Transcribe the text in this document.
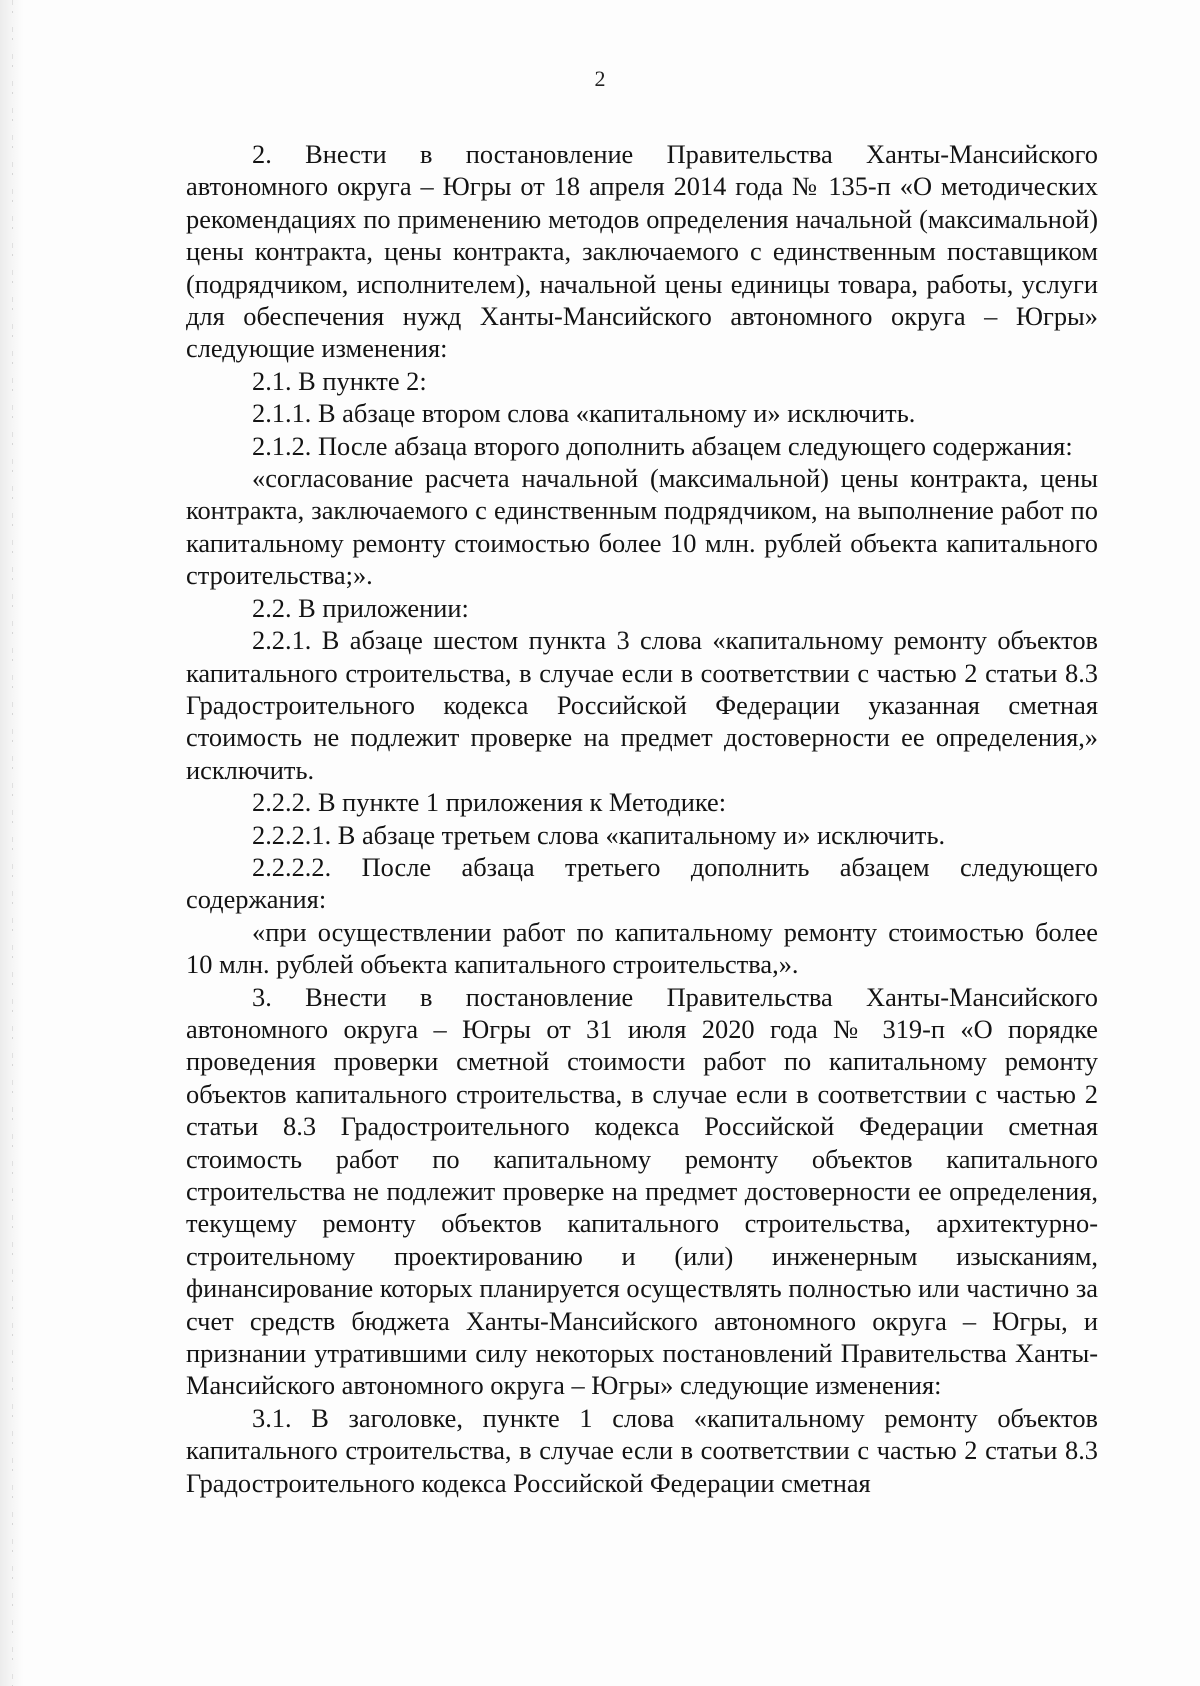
2

2. Внести в постановление Правительства Ханты-Мансийского автономного округа – Югры от 18 апреля 2014 года № 135-п «О методических рекомендациях по применению методов определения начальной (максимальной) цены контракта, цены контракта, заключаемого с единственным поставщиком (подрядчиком, исполнителем), начальной цены единицы товара, работы, услуги для обеспечения нужд Ханты-Мансийского автономного округа – Югры» следующие изменения:

2.1. В пункте 2:

2.1.1. В абзаце втором слова «капитальному и» исключить.

2.1.2. После абзаца второго дополнить абзацем следующего содержания:

«согласование расчета начальной (максимальной) цены контракта, цены контракта, заключаемого с единственным подрядчиком, на выполнение работ по капитальному ремонту стоимостью более 10 млн. рублей объекта капитального строительства;».

2.2. В приложении:

2.2.1. В абзаце шестом пункта 3 слова «капитальному ремонту объектов капитального строительства, в случае если в соответствии с частью 2 статьи 8.3 Градостроительного кодекса Российской Федерации указанная сметная стоимость не подлежит проверке на предмет достоверности ее определения,» исключить.

2.2.2. В пункте 1 приложения к Методике:

2.2.2.1. В абзаце третьем слова «капитальному и» исключить.

2.2.2.2. После абзаца третьего дополнить абзацем следующего содержания:

«при осуществлении работ по капитальному ремонту стоимостью более 10 млн. рублей объекта капитального строительства,».

3. Внести в постановление Правительства Ханты-Мансийского автономного округа – Югры от 31 июля 2020 года № 319-п «О порядке проведения проверки сметной стоимости работ по капитальному ремонту объектов капитального строительства, в случае если в соответствии с частью 2 статьи 8.3 Градостроительного кодекса Российской Федерации сметная стоимость работ по капитальному ремонту объектов капитального строительства не подлежит проверке на предмет достоверности ее определения, текущему ремонту объектов капитального строительства, архитектурно-строительному проектированию и (или) инженерным изысканиям, финансирование которых планируется осуществлять полностью или частично за счет средств бюджета Ханты-Мансийского автономного округа – Югры, и признании утратившими силу некоторых постановлений Правительства Ханты-Мансийского автономного округа – Югры» следующие изменения:

3.1. В заголовке, пункте 1 слова «капитальному ремонту объектов капитального строительства, в случае если в соответствии с частью 2 статьи 8.3 Градостроительного кодекса Российской Федерации сметная
